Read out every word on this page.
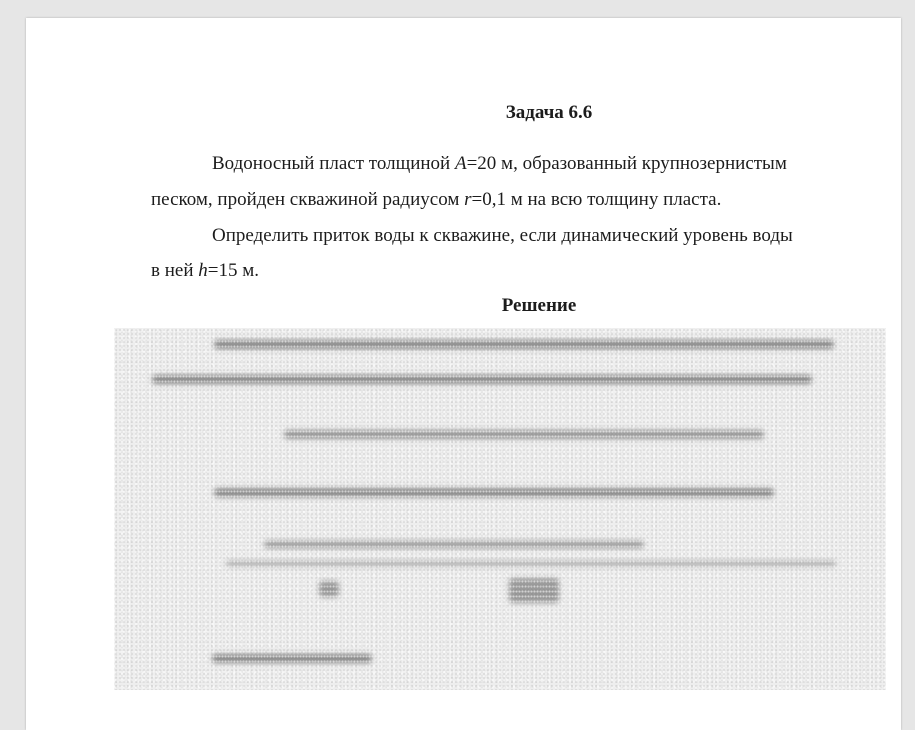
Задача 6.6
Водоносный пласт толщиной A=20 м, образованный крупнозернистым
песком, пройден скважиной радиусом r=0,1 м на всю толщину пласта.
Определить приток воды к скважине, если динамический уровень воды
в ней h=15 м.
Решение
